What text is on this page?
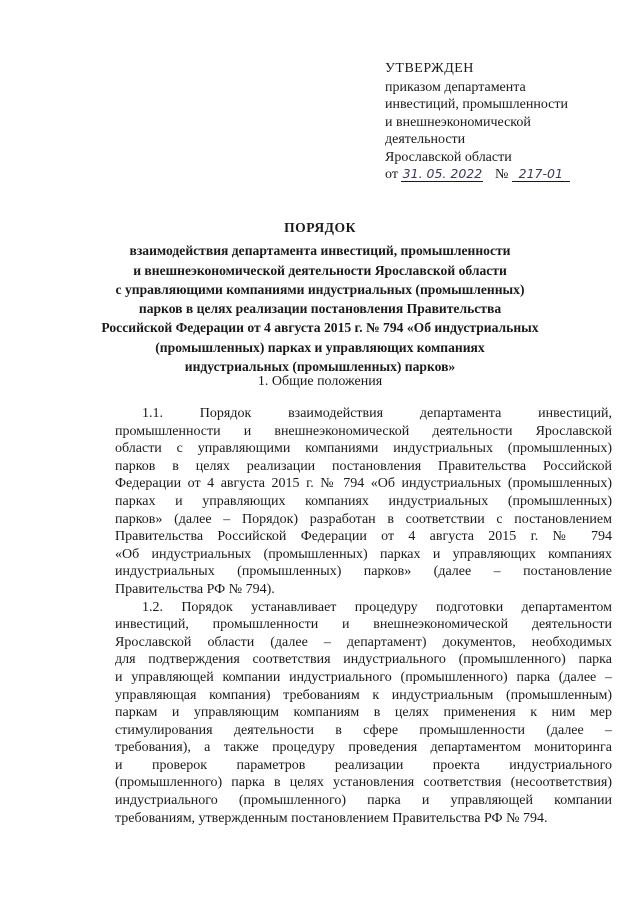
УТВЕРЖДЕН
приказом департамента
инвестиций, промышленности
и внешнеэкономической
деятельности
Ярославской области
от 31. 05. 2022 № 217-01
ПОРЯДОК
взаимодействия департамента инвестиций, промышленности
и внешнеэкономической деятельности Ярославской области
с управляющими компаниями индустриальных (промышленных)
парков в целях реализации постановления Правительства
Российской Федерации от 4 августа 2015 г. № 794 «Об индустриальных
(промышленных) парках и управляющих компаниях
индустриальных (промышленных) парков»
1. Общие положения

1.1. Порядок взаимодействия департамента инвестиций,

промышленности и внешнеэкономической деятельности Ярославской

области с управляющими компаниями индустриальных (промышленных)

парков в целях реализации постановления Правительства Российской

Федерации от 4 августа 2015 г. № 794 «Об индустриальных (промышленных)

парках и управляющих компаниях индустриальных (промышленных)

парков» (далее – Порядок) разработан в соответствии с постановлением

Правительства Российской Федерации от 4 августа 2015 г. № 794

«Об индустриальных (промышленных) парках и управляющих компаниях

индустриальных (промышленных) парков» (далее – постановление

Правительства РФ № 794).

1.2. Порядок устанавливает процедуру подготовки департаментом

инвестиций, промышленности и внешнеэкономической деятельности

Ярославской области (далее – департамент) документов, необходимых

для подтверждения соответствия индустриального (промышленного) парка

и управляющей компании индустриального (промышленного) парка (далее –

управляющая компания) требованиям к индустриальным (промышленным)

паркам и управляющим компаниям в целях применения к ним мер

стимулирования деятельности в сфере промышленности (далее –

требования), а также процедуру проведения департаментом мониторинга

и проверок параметров реализации проекта индустриального

(промышленного) парка в целях установления соответствия (несоответствия)

индустриального (промышленного) парка и управляющей компании

требованиям, утвержденным постановлением Правительства РФ № 794.
